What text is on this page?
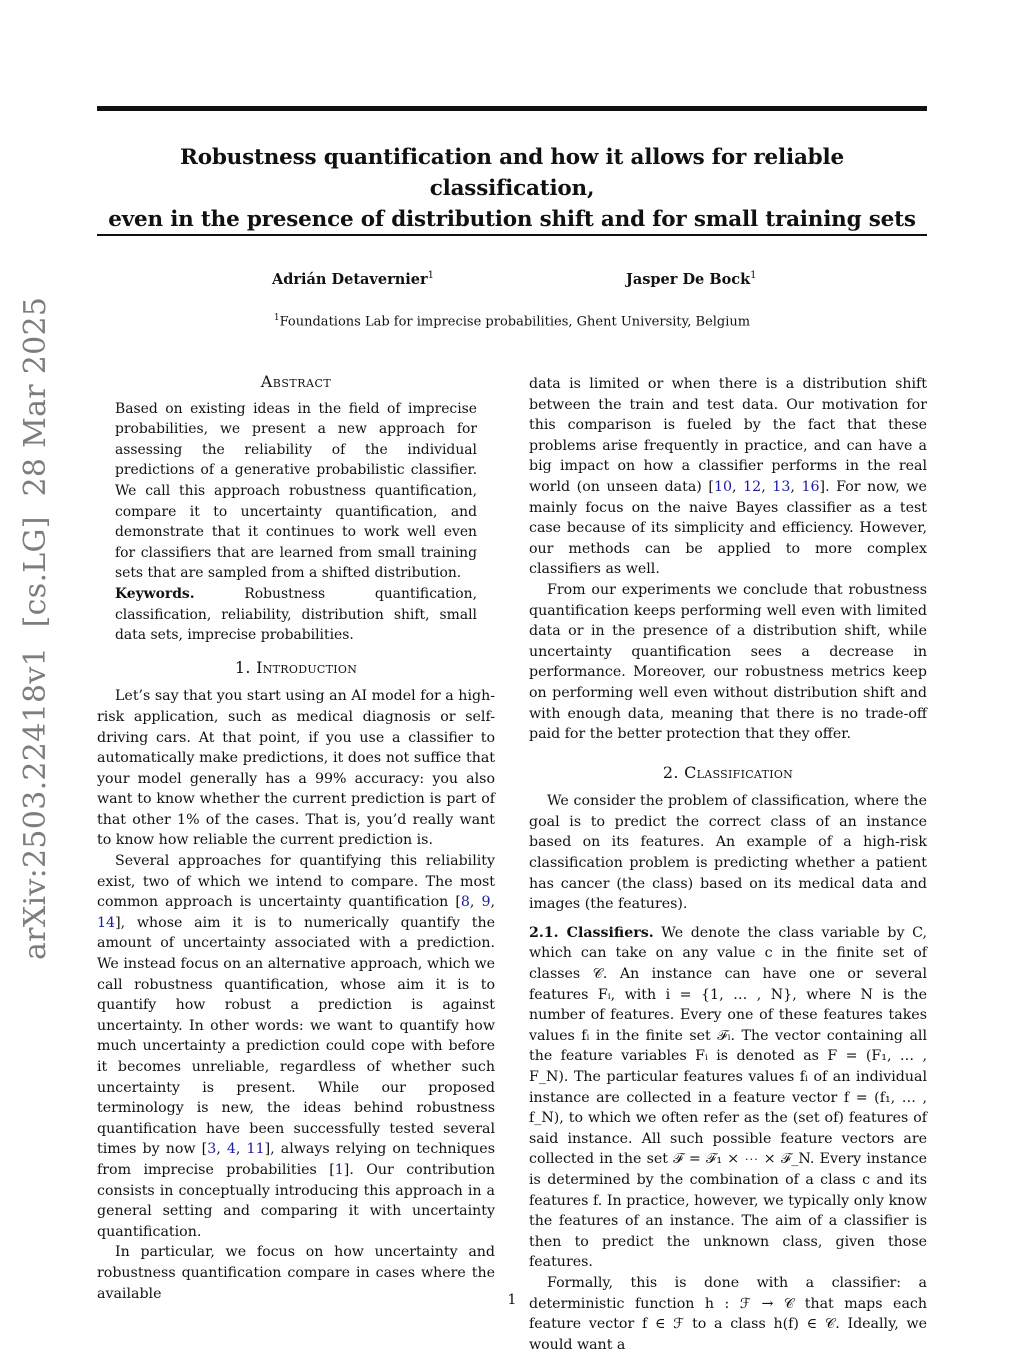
Robustness quantification and how it allows for reliable classification,
even in the presence of distribution shift and for small training sets
Adrián Detavernier$^1$	Jasper De Bock$^1$
$^1$Foundations Lab for imprecise probabilities, Ghent University, Belgium
arXiv:2503.22418v1  [cs.LG]  28 Mar 2025	Abstract

Based on existing ideas in the field of imprecise probabilities, we present a new approach for assessing the reliability of the individual predictions of a generative probabilistic classifier. We call this approach robustness quantification, compare it to uncertainty quantification, and demonstrate that it continues to work well even for classifiers that are learned from small training sets that are sampled from a shifted distribution.

Keywords.	Robustness quantification, classification, reliability, distribution shift, small data sets, imprecise probabilities.

1. Introduction

Let’s say that you start using an AI model for a high-risk application, such as medical diagnosis or self-driving cars. At that point, if you use a classifier to automatically make predictions, it does not suffice that your model generally has a 99% accuracy: you also want to know whether the current prediction is part of that other 1% of the cases. That is, you’d really want to know how reliable the current prediction is.

Several approaches for quantifying this reliability exist, two of which we intend to compare. The most common approach is uncertainty quantification [8, 9, 14], whose aim it is to numerically quantify the amount of uncertainty associated with a prediction. We instead focus on an alternative approach, which we call robustness quantification, whose aim it is to quantify how robust a prediction is against uncertainty. In other words: we want to quantify how much uncertainty a prediction could cope with before it becomes unreliable, regardless of whether such uncertainty is present. While our proposed terminology is new, the ideas behind robustness quantification have been successfully tested several times by now [3, 4, 11], always relying on techniques from imprecise probabilities [1]. Our contribution consists in conceptually introducing this approach in a general setting and comparing it with uncertainty quantification.

In particular, we focus on how uncertainty and robustness quantification compare in cases where the available

data is limited or when there is a distribution shift between the train and test data. Our motivation for this comparison is fueled by the fact that these problems arise frequently in practice, and can have a big impact on how a classifier performs in the real world (on unseen data) [10, 12, 13, 16]. For now, we mainly focus on the naive Bayes classifier as a test case because of its simplicity and efficiency. However, our methods can be applied to more complex classifiers as well.

From our experiments we conclude that robustness quantification keeps performing well even with limited data or in the presence of a distribution shift, while uncertainty quantification sees a decrease in performance. Moreover, our robustness metrics keep on performing well even without distribution shift and with enough data, meaning that there is no trade-off paid for the better protection that they offer.

2. Classification

We consider the problem of classification, where the goal is to predict the correct class of an instance based on its features. An example of a high-risk classification problem is predicting whether a patient has cancer (the class) based on its medical data and images (the features).

2.1. Classifiers. We denote the class variable by C, which can take on any value c in the finite set of classes 𝒞. An instance can have one or several features Fᵢ, with i = {1, … , N}, where N is the number of features. Every one of these features takes values fᵢ in the finite set ℱᵢ. The vector containing all the feature variables Fᵢ is denoted as F = (F₁, … , F_N). The particular features values fᵢ of an individual instance are collected in a feature vector f = (f₁, … , f_N), to which we often refer as the (set of) features of said instance. All such possible feature vectors are collected in the set ℱ = ℱ₁ × ⋯ × ℱ_N. Every instance is determined by the combination of a class c and its features f. In practice, however, we typically only know the features of an instance. The aim of a classifier is then to predict the unknown class, given those features.

Formally, this is done with a classifier: a deterministic function h : ℱ → 𝒞 that maps each feature vector f ∈ ℱ to a class h(f) ∈ 𝒞. Ideally, we would want a

1
